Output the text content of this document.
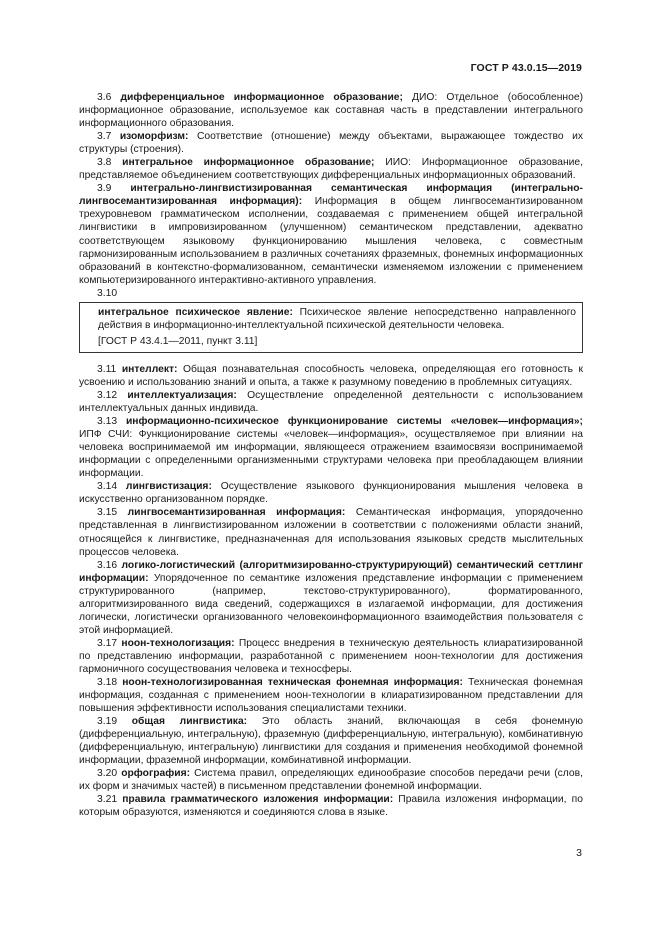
ГОСТ Р 43.0.15—2019

3.6 дифференциальное информационное образование; ДИО: Отдельное (обособленное) информационное образование, используемое как составная часть в представлении интегрального информационного образования.

3.7 изоморфизм: Соответствие (отношение) между объектами, выражающее тождество их структуры (строения).

3.8 интегральное информационное образование; ИИО: Информационное образование, представляемое объединением соответствующих дифференциальных информационных образований.

3.9 интегрально-лингвистизированная семантическая информация (интегрально-лингвосемантизированная информация): Информация в общем лингвосемантизированном трехуровневом грамматическом исполнении, создаваемая с применением общей интегральной лингвистики в импровизированном (улучшенном) семантическом представлении, адекватно соответствующем языковому функционированию мышления человека, с совместным гармонизированным использованием в различных сочетаниях фраземных, фонемных информационных образований в контекстно-формализованном, семантически изменяемом изложении с применением компьютеризированного интерактивно-активного управления.

3.10

интегральное психическое явление: Психическое явление непосредственно направленного действия в информационно-интеллектуальной психической деятельности человека.

[ГОСТ Р 43.4.1—2011, пункт 3.11]

3.11 интеллект: Общая познавательная способность человека, определяющая его готовность к усвоению и использованию знаний и опыта, а также к разумному поведению в проблемных ситуациях.

3.12 интеллектуализация: Осуществление определенной деятельности с использованием интеллектуальных данных индивида.

3.13 информационно-психическое функционирование системы «человек—информация»; ИПФ СЧИ: Функционирование системы «человек—информация», осуществляемое при влиянии на человека воспринимаемой им информации, являющееся отражением взаимосвязи воспринимаемой информации с определенными организменными структурами человека при преобладающем влиянии информации.

3.14 лингвистизация: Осуществление языкового функционирования мышления человека в искусственно организованном порядке.

3.15 лингвосемантизированная информация: Семантическая информация, упорядоченно представленная в лингвистизированном изложении в соответствии с положениями области знаний, относящейся к лингвистике, предназначенная для использования языковых средств мыслительных процессов человека.

3.16 логико-логистический (алгоритмизированно-структурирующий) семантический сеттлинг информации: Упорядоченное по семантике изложения представление информации с применением структурированного (например, текстово-структурированного), форматированного, алгоритмизированного вида сведений, содержащихся в излагаемой информации, для достижения логически, логистически организованного человекоинформационного взаимодействия пользователя с этой информацией.

3.17 ноон-технологизация: Процесс внедрения в техническую деятельность клиаратизированной по представлению информации, разработанной с применением ноон-технологии для достижения гармоничного сосуществования человека и техносферы.

3.18 ноон-технологизированная техническая фонемная информация: Техническая фонемная информация, созданная с применением ноон-технологии в клиаратизированном представлении для повышения эффективности использования специалистами техники.

3.19 общая лингвистика: Это область знаний, включающая в себя фонемную (дифференциальную, интегральную), фраземную (дифференциальную, интегральную), комбинативную (дифференциальную, интегральную) лингвистики для создания и применения необходимой фонемной информации, фраземной информации, комбинативной информации.

3.20 орфография: Система правил, определяющих единообразие способов передачи речи (слов, их форм и значимых частей) в письменном представлении фонемной информации.

3.21 правила грамматического изложения информации: Правила изложения информации, по которым образуются, изменяются и соединяются слова в языке.

3
